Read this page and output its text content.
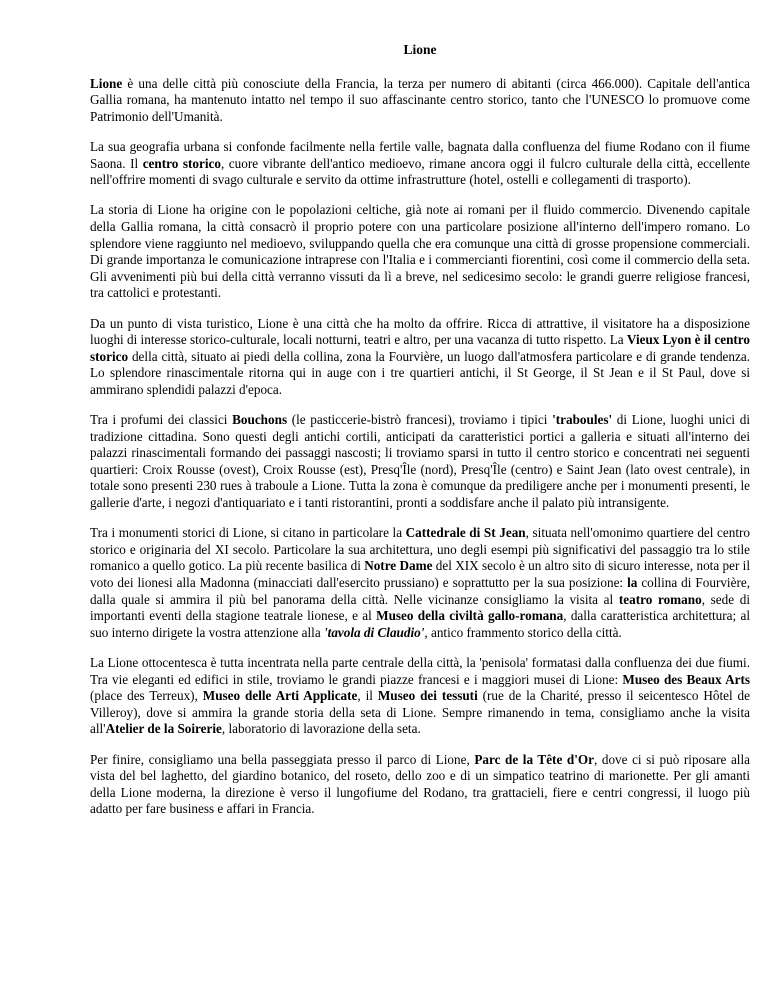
Lione

Lione è una delle città più conosciute della Francia, la terza per numero di abitanti (circa 466.000). Capitale dell'antica Gallia romana, ha mantenuto intatto nel tempo il suo affascinante centro storico, tanto che l'UNESCO lo promuove come Patrimonio dell'Umanità.

La sua geografia urbana si confonde facilmente nella fertile valle, bagnata dalla confluenza del fiume Rodano con il fiume Saona. Il centro storico, cuore vibrante dell'antico medioevo, rimane ancora oggi il fulcro culturale della città, eccellente nell'offrire momenti di svago culturale e servito da ottime infrastrutture (hotel, ostelli e collegamenti di trasporto).

La storia di Lione ha origine con le popolazioni celtiche, già note ai romani per il fluido commercio. Divenendo capitale della Gallia romana, la città consacrò il proprio potere con una particolare posizione all'interno dell'impero romano. Lo splendore viene raggiunto nel medioevo, sviluppando quella che era comunque una città di grosse propensione commerciali. Di grande importanza le comunicazione intraprese con l'Italia e i commercianti fiorentini, così come il commercio della seta. Gli avvenimenti più bui della città verranno vissuti da lì a breve, nel sedicesimo secolo: le grandi guerre religiose francesi, tra cattolici e protestanti.

Da un punto di vista turistico, Lione è una città che ha molto da offrire. Ricca di attrattive, il visitatore ha a disposizione luoghi di interesse storico-culturale, locali notturni, teatri e altro, per una vacanza di tutto rispetto. La Vieux Lyon è il centro storico della città, situato ai piedi della collina, zona la Fourvière, un luogo dall'atmosfera particolare e di grande tendenza. Lo splendore rinascimentale ritorna qui in auge con i tre quartieri antichi, il St George, il St Jean e il St Paul, dove si ammirano splendidi palazzi d'epoca.

Tra i profumi dei classici Bouchons (le pasticcerie-bistrò francesi), troviamo i tipici 'traboules' di Lione, luoghi unici di tradizione cittadina. Sono questi degli antichi cortili, anticipati da caratteristici portici a galleria e situati all'interno dei palazzi rinascimentali formando dei passaggi nascosti; li troviamo sparsi in tutto il centro storico e concentrati nei seguenti quartieri: Croix Rousse (ovest), Croix Rousse (est), Presq'Île (nord), Presq'Île (centro) e Saint Jean (lato ovest centrale), in totale sono presenti 230 rues à traboule a Lione. Tutta la zona è comunque da prediligere anche per i monumenti presenti, le gallerie d'arte, i negozi d'antiquariato e i tanti ristorantini, pronti a soddisfare anche il palato più intransigente.

Tra i monumenti storici di Lione, si citano in particolare la Cattedrale di St Jean, situata nell'omonimo quartiere del centro storico e originaria del XI secolo. Particolare la sua architettura, uno degli esempi più significativi del passaggio tra lo stile romanico a quello gotico. La più recente basilica di Notre Dame del XIX secolo è un altro sito di sicuro interesse, nota per il voto dei lionesi alla Madonna (minacciati dall'esercito prussiano) e soprattutto per la sua posizione: la collina di Fourvière, dalla quale si ammira il più bel panorama della città. Nelle vicinanze consigliamo la visita al teatro romano, sede di importanti eventi della stagione teatrale lionese, e al Museo della civiltà gallo-romana, dalla caratteristica architettura; al suo interno dirigete la vostra attenzione alla 'tavola di Claudio', antico frammento storico della città.

La Lione ottocentesca è tutta incentrata nella parte centrale della città, la 'penisola' formatasi dalla confluenza dei due fiumi. Tra vie eleganti ed edifici in stile, troviamo le grandi piazze francesi e i maggiori musei di Lione: Museo des Beaux Arts (place des Terreux), Museo delle Arti Applicate, il Museo dei tessuti (rue de la Charité, presso il seicentesco Hôtel de Villeroy), dove si ammira la grande storia della seta di Lione. Sempre rimanendo in tema, consigliamo anche la visita all'Atelier de la Soirerie, laboratorio di lavorazione della seta.

Per finire, consigliamo una bella passeggiata presso il parco di Lione, Parc de la Tête d'Or, dove ci si può riposare alla vista del bel laghetto, del giardino botanico, del roseto, dello zoo e di un simpatico teatrino di marionette. Per gli amanti della Lione moderna, la direzione è verso il lungofiume del Rodano, tra grattacieli, fiere e centri congressi, il luogo più adatto per fare business e affari in Francia.
